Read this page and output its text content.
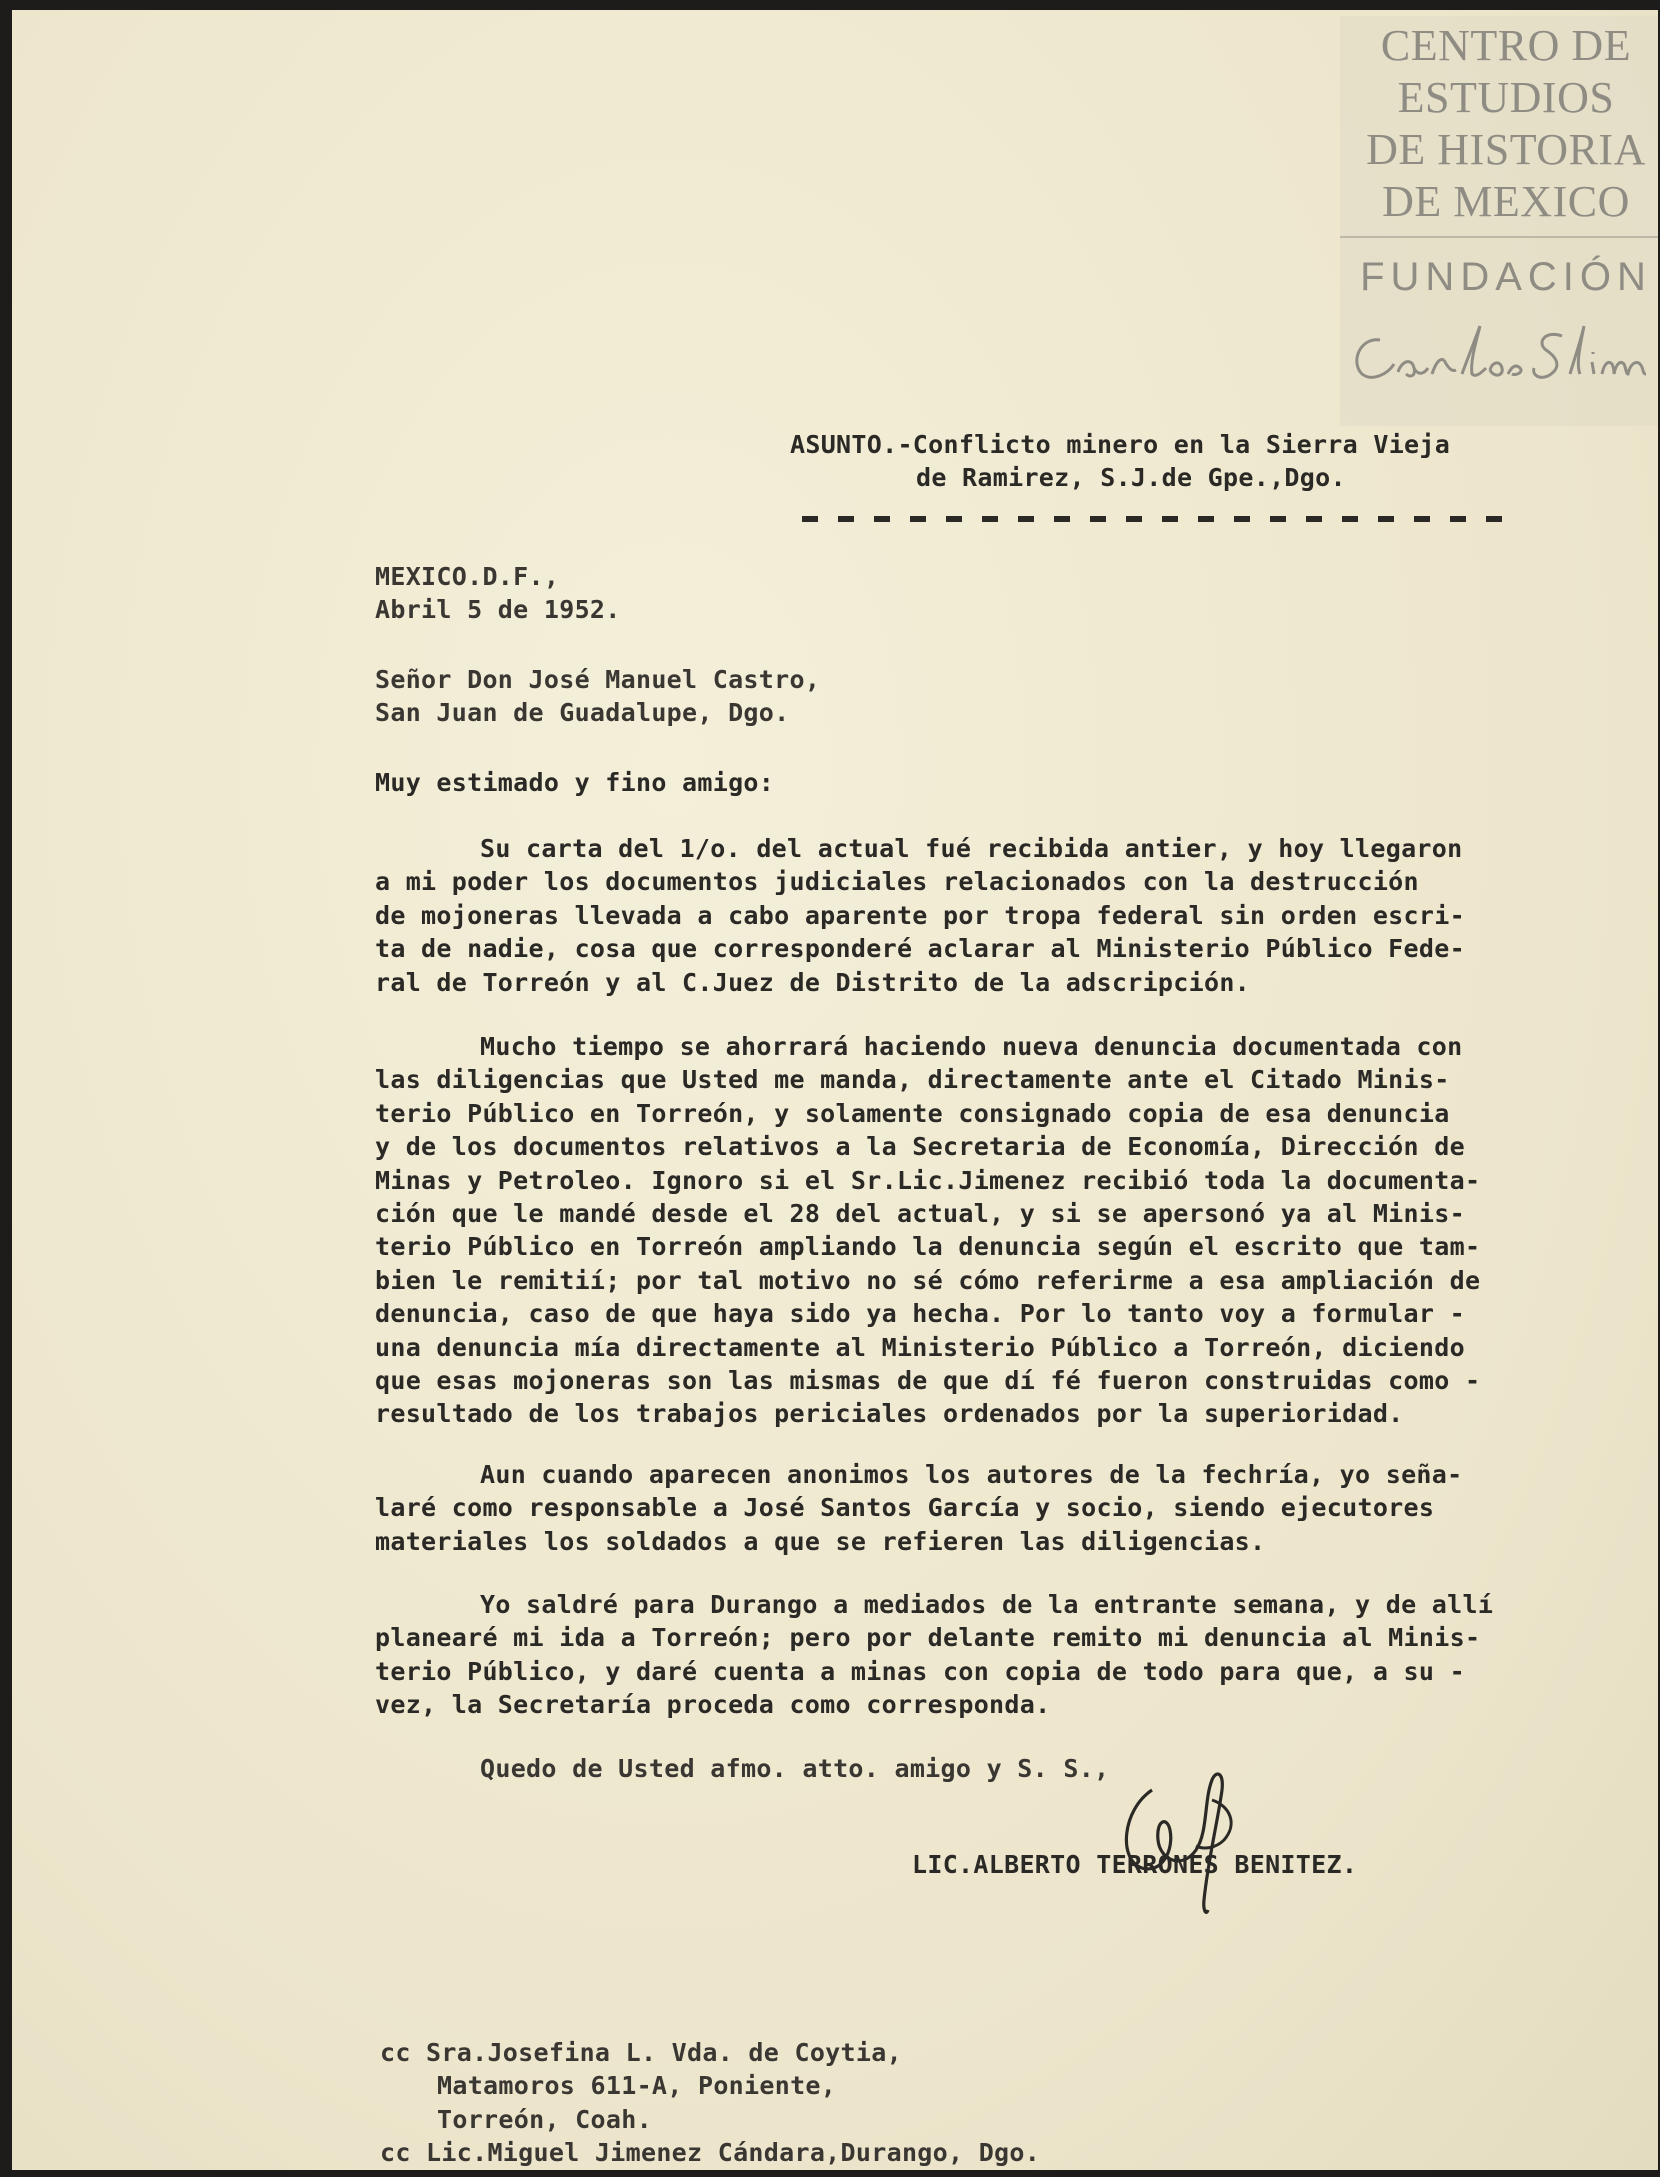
CENTRO DE
ESTUDIOS
DE HISTORIA
DE MEXICO
FUNDACIÓN
ASUNTO.-Conflicto minero en la Sierra Vieja
de Ramirez, S.J.de Gpe.,Dgo.
MEXICO.D.F.,
Abril 5 de 1952.
Señor Don José Manuel Castro,
San Juan de Guadalupe, Dgo.
Muy estimado y fino amigo:
Su carta del 1/o. del actual fué recibida antier, y hoy llegaron
a mi poder los documentos judiciales relacionados con la destrucción
de mojoneras llevada a cabo aparente por tropa federal sin orden escri-
ta de nadie, cosa que corresponderé aclarar al Ministerio Público Fede-
ral de Torreón y al C.Juez de Distrito de la adscripción.
Mucho tiempo se ahorrará haciendo nueva denuncia documentada con
las diligencias que Usted me manda, directamente ante el Citado Minis-
terio Público en Torreón, y solamente consignado copia de esa denuncia
y de los documentos relativos a la Secretaria de Economía, Dirección de
Minas y Petroleo. Ignoro si el Sr.Lic.Jimenez recibió toda la documenta-
ción que le mandé desde el 28 del actual, y si se apersonó ya al Minis-
terio Público en Torreón ampliando la denuncia según el escrito que tam-
bien le remitií; por tal motivo no sé cómo referirme a esa ampliación de
denuncia, caso de que haya sido ya hecha. Por lo tanto voy a formular -
una denuncia mía directamente al Ministerio Público a Torreón, diciendo
que esas mojoneras son las mismas de que dí fé fueron construidas como -
resultado de los trabajos periciales ordenados por la superioridad.
Aun cuando aparecen anonimos los autores de la fechría, yo seña-
laré como responsable a José Santos García y socio, siendo ejecutores
materiales los soldados a que se refieren las diligencias.
Yo saldré para Durango a mediados de la entrante semana, y de allí
planearé mi ida a Torreón; pero por delante remito mi denuncia al Minis-
terio Público, y daré cuenta a minas con copia de todo para que, a su -
vez, la Secretaría proceda como corresponda.
Quedo de Usted afmo. atto. amigo y S. S.,
LIC.ALBERTO TERRONES BENITEZ.
cc Sra.Josefina L. Vda. de Coytia,
Matamoros 611-A, Poniente,
Torreón, Coah.
cc Lic.Miguel Jimenez Cándara,Durango, Dgo.
